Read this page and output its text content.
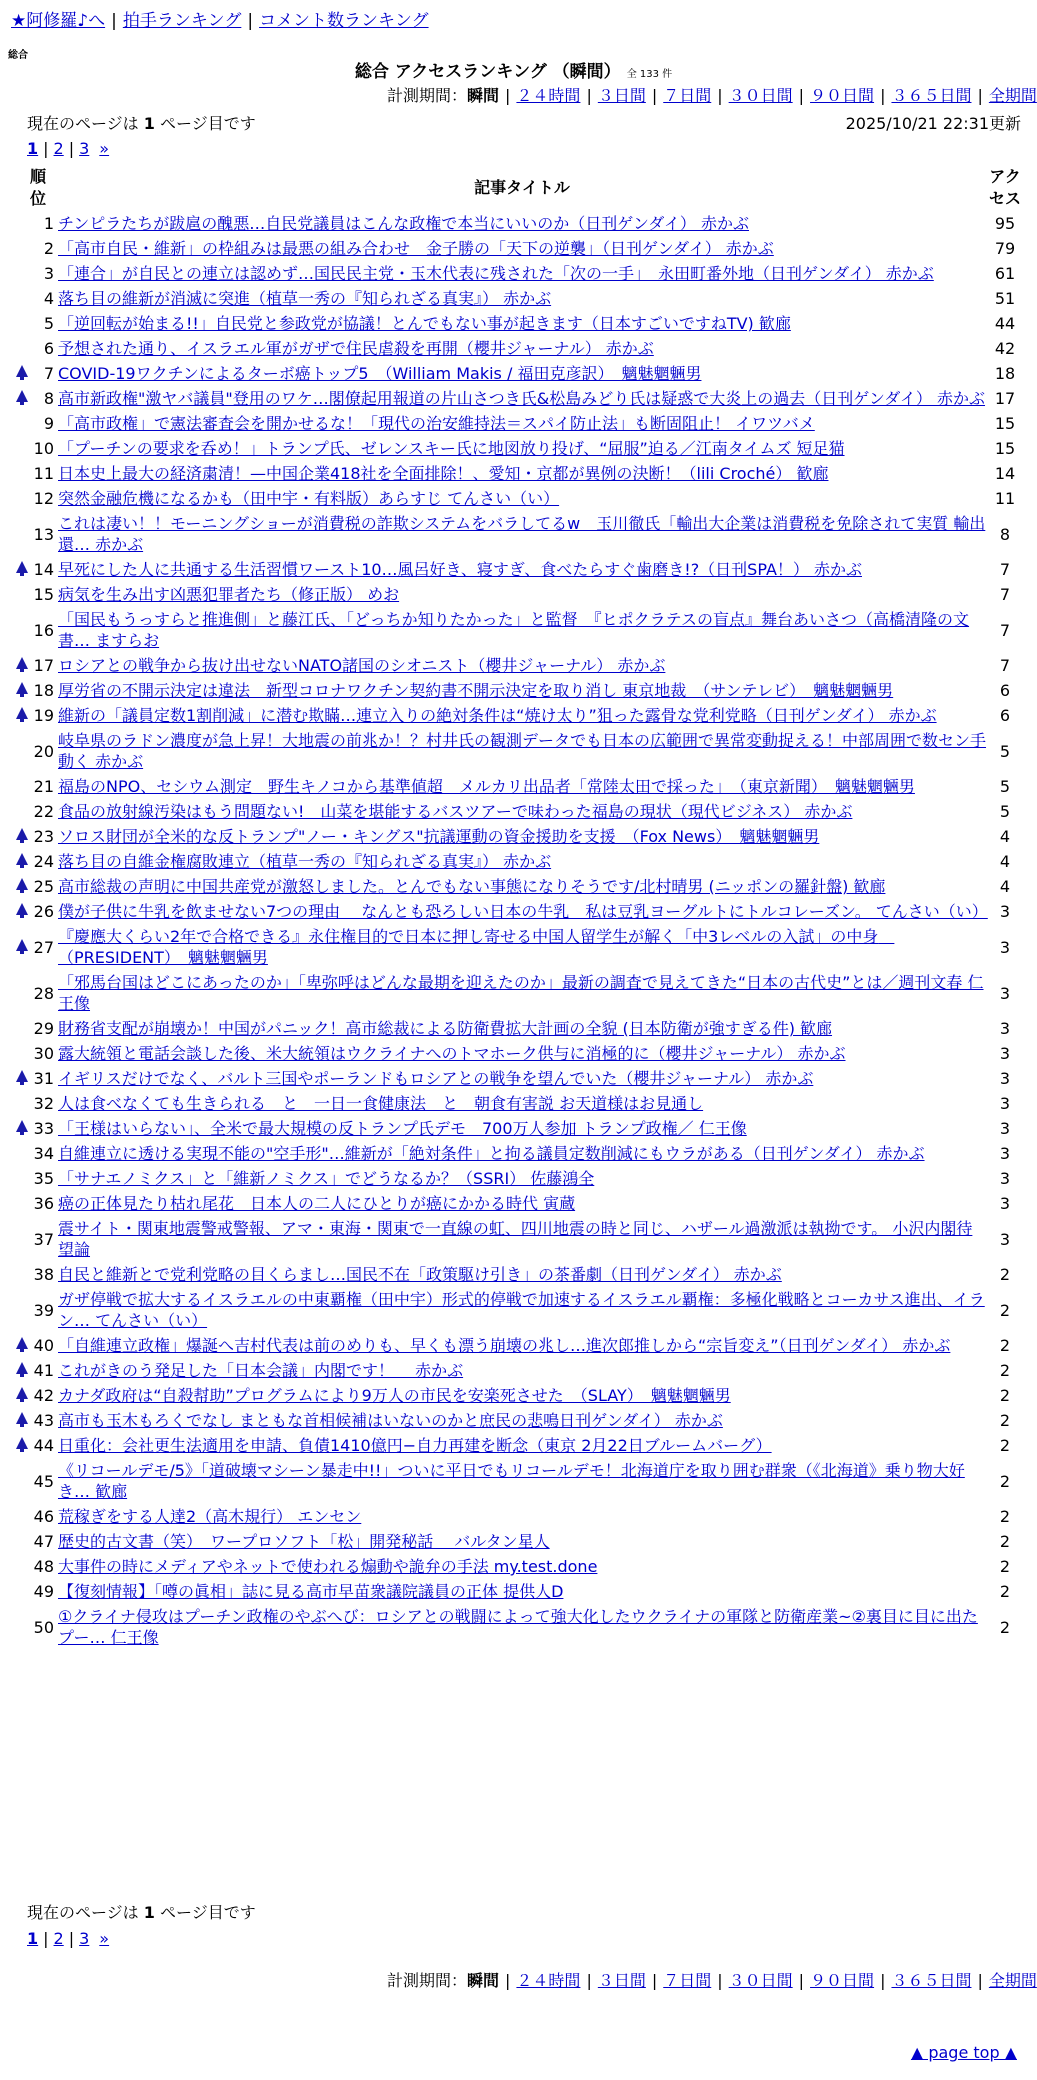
★阿修羅♪へ | 拍手ランキング | コメント数ランキング
総合
総合 アクセスランキング （瞬間） 全 133 件
計測期間：瞬間 | ２４時間 | ３日間 | ７日間 | ３０日間 | ９０日間 | ３６５日間 | 全期間
現在のページは 1 ページ目です	2025/10/21 22:31更新
1 | 2 | 3 »
	順位	記事タイトル	アクセス
	1	チンピラたちが跋扈の醜悪…自民党議員はこんな政権で本当にいいのか（日刊ゲンダイ） 赤かぶ	95
	2	「高市自民・維新」の枠組みは最悪の組み合わせ　金子勝の「天下の逆襲」（日刊ゲンダイ） 赤かぶ	79
	3	「連合」が自民との連立は認めず…国民民主党・玉木代表に残された「次の一手」　永田町番外地（日刊ゲンダイ） 赤かぶ	61
	4	落ち目の維新が消滅に突進（植草一秀の『知られざる真実』） 赤かぶ	51
	5	「逆回転が始まる!!」自民党と参政党が協議！とんでもない事が起きます（日本すごいですねTV) 歓廊	44
	6	予想された通り、イスラエル軍がガザで住民虐殺を再開（櫻井ジャーナル） 赤かぶ	42
	7	COVID-19ワクチンによるターボ癌トップ5　（William Makis / 福田克彦訳）　魑魅魍魎男	18
	8	高市新政権"激ヤバ議員"登用のワケ…閣僚起用報道の片山さつき氏&松島みどり氏は疑惑で大炎上の過去（日刊ゲンダイ） 赤かぶ	17
	9	「高市政権」で憲法審査会を開かせるな！「現代の治安維持法＝スパイ防止法」も断固阻止！ イワツバメ	15
	10	「プーチンの要求を呑め！」トランプ氏、ゼレンスキー氏に地図放り投げ、“屈服”迫る／江南タイムズ 短足猫	15
	11	日本史上最大の経済粛清！—中国企業418社を全面排除！、愛知・京都が異例の決断！（lili Croché） 歓廊	14
	12	突然金融危機になるかも（田中宇・有料版）あらすじ てんさい（い）	11
	13	これは凄い！！モーニングショーが消費税の詐欺システムをバラしてるw　玉川徹氏「輸出大企業は消費税を免除されて実質 輸出還… 赤かぶ	8
	14	早死にした人に共通する生活習慣ワースト10…風呂好き、寝すぎ、食べたらすぐ歯磨き!?（日刊SPA！） 赤かぶ	7
	15	病気を生み出す凶悪犯罪者たち（修正版） めお	7
	16	「国民もうっすらと推進側」と藤江氏、「どっちか知りたかった」と監督　『ヒポクラテスの盲点』舞台あいさつ（高橋清隆の文書… ますらお	7
	17	ロシアとの戦争から抜け出せないNATO諸国のシオニスト（櫻井ジャーナル） 赤かぶ	7
	18	厚労省の不開示決定は違法　新型コロナワクチン契約書不開示決定を取り消し 東京地裁　（サンテレビ）　魑魅魍魎男	6
	19	維新の「議員定数1割削減」に潜む欺瞞…連立入りの絶対条件は“焼け太り”狙った露骨な党利党略（日刊ゲンダイ） 赤かぶ	6
	20	岐阜県のラドン濃度が急上昇！大地震の前兆か！？村井氏の観測データでも日本の広範囲で異常変動捉える！中部周囲で数セン手動く 赤かぶ	5
	21	福島のNPO、セシウム測定　野生キノコから基準値超　メルカリ出品者「常陸太田で採った」　（東京新聞）　魑魅魍魎男	5
	22	食品の放射線汚染はもう問題ない!　山菜を堪能するバスツアーで味わった福島の現状（現代ビジネス） 赤かぶ	5
	23	ソロス財団が全米的な反トランプ"ノー・キングス"抗議運動の資金援助を支援　（Fox News）　魑魅魍魎男	4
	24	落ち目の自維金権腐敗連立（植草一秀の『知られざる真実』） 赤かぶ	4
	25	高市総裁の声明に中国共産党が激怒しました。とんでもない事態になりそうです/北村晴男 (ニッポンの羅針盤) 歓廊	4
	26	僕が子供に牛乳を飲ませない7つの理由　 なんとも恐ろしい日本の牛乳　私は豆乳ヨーグルトにトルコレーズン。 てんさい（い）	3
	27	『慶應大くらい2年で合格できる』永住権目的で日本に押し寄せる中国人留学生が解く「中3レベルの入試」の中身　（PRESIDENT）　魑魅魍魎男	3
	28	「邪馬台国はどこにあったのか」「卑弥呼はどんな最期を迎えたのか」最新の調査で見えてきた“日本の古代史”とは／週刊文春 仁王像	3
	29	財務省支配が崩壊か！中国がパニック！高市総裁による防衛費拡大計画の全貌 (日本防衛が強すぎる件) 歓廊	3
	30	露大統領と電話会談した後、米大統領はウクライナへのトマホーク供与に消極的に（櫻井ジャーナル） 赤かぶ	3
	31	イギリスだけでなく、バルト三国やポーランドもロシアとの戦争を望んでいた（櫻井ジャーナル） 赤かぶ	3
	32	人は食べなくても生きられる　と　一日一食健康法　と　朝食有害説 お天道様はお見通し	3
	33	「王様はいらない」、全米で最大規模の反トランプ氏デモ　700万人参加 トランプ政権／ 仁王像	3
	34	自維連立に透ける実現不能の"空手形"…維新が「絶対条件」と拘る議員定数削減にもウラがある（日刊ゲンダイ） 赤かぶ	3
	35	「サナエノミクス」と「維新ノミクス」でどうなるか？（SSRI） 佐藤鴻全	3
	36	癌の正体見たり枯れ尾花　日本人の二人にひとりが癌にかかる時代 寅蔵	3
	37	震サイト・関東地震警戒警報、アマ・東海・関東で一直線の虹、四川地震の時と同じ、ハザール過激派は執拗です。 小沢内閣待望論	3
	38	自民と維新とで党利党略の目くらまし…国民不在「政策駆け引き」の茶番劇（日刊ゲンダイ） 赤かぶ	2
	39	ガザ停戦で拡大するイスラエルの中東覇権（田中宇）形式的停戦で加速するイスラエル覇権：多極化戦略とコーカサス進出、イラン… てんさい（い）	2
	40	「自維連立政権」爆誕へ吉村代表は前のめりも、早くも漂う崩壊の兆し…進次郎推しから“宗旨変え”（日刊ゲンダイ） 赤かぶ	2
	41	これがきのう発足した「日本会議」内閣です！　 赤かぶ	2
	42	カナダ政府は“自殺幇助”プログラムにより9万人の市民を安楽死させた　（SLAY）　魑魅魍魎男	2
	43	高市も玉木もろくでなし まともな首相候補はいないのかと庶民の悲鳴日刊ゲンダイ） 赤かぶ	2
	44	日重化：会社更生法適用を申請、負債1410億円−自力再建を断念（東京 2月22日ブルームバーグ）	2
	45	《リコールデモ/5》「道破壊マシーン暴走中!!」ついに平日でもリコールデモ！北海道庁を取り囲む群衆（《北海道》乗り物大好き… 歓廊	2
	46	荒稼ぎをする人達2（高木規行） エンセン	2
	47	歴史的古文書（笑）　ワープロソフト「松」開発秘話　 バルタン星人	2
	48	大事件の時にメディアやネットで使われる煽動や詭弁の手法 my.test.done	2
	49	【復刻情報】「噂の眞相」誌に見る高市早苗衆議院議員の正体 提供人D	2
	50	①クライナ侵攻はプーチン政権のやぶへび：ロシアとの戦闘によって強大化したウクライナの軍隊と防衛産業~②裏目に目に出たプー… 仁王像	2
現在のページは 1 ページ目です
1 | 2 | 3 »
計測期間：瞬間 | ２４時間 | ３日間 | ７日間 | ３０日間 | ９０日間 | ３６５日間 | 全期間
▲ page top ▲
